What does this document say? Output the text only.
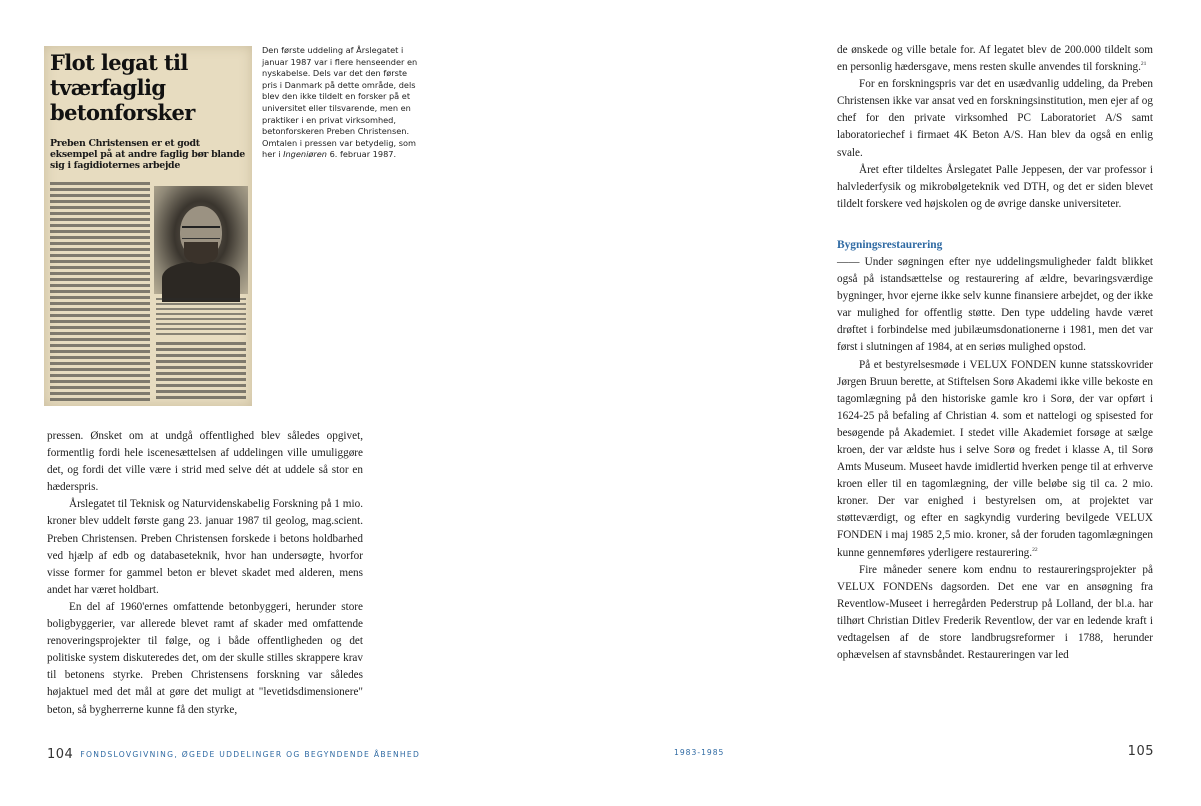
Flot legat til tværfaglig betonforsker
Preben Christensen er et godt eksempel på at andre faglig bør blande sig i fagidioternes arbejde
Den første uddeling af Årslegatet i januar 1987 var i flere henseender en nyskabelse. Dels var det den første pris i Danmark på dette område, dels blev den ikke tildelt en forsker på et universitet eller tilsvarende, men en praktiker i en privat virksomhed, betonforskeren Preben Christensen. Omtalen i pressen var betydelig, som her i Ingeniøren 6. februar 1987.

pressen. Ønsket om at undgå offentlighed blev således opgivet, formentlig fordi hele iscenesættelsen af uddelingen ville umuliggøre det, og fordi det ville være i strid med selve dét at uddele så stor en hæderspris.

Årslegatet til Teknisk og Naturvidenskabelig Forskning på 1 mio. kroner blev uddelt første gang 23. januar 1987 til geolog, mag.scient. Preben Christensen. Preben Christensen forskede i betons holdbarhed ved hjælp af edb og databaseteknik, hvor han undersøgte, hvorfor visse former for gammel beton er blevet skadet med alderen, mens andet har været holdbart.

En del af 1960'ernes omfattende betonbyggeri, herunder store boligbyggerier, var allerede blevet ramt af skader med omfattende renoveringsprojekter til følge, og i både offentligheden og det politiske system diskuteredes det, om der skulle stilles skrappere krav til betonens styrke. Preben Christensens forskning var således højaktuel med det mål at gøre det muligt at "levetidsdimensionere" beton, så bygherrerne kunne få den styrke,

de ønskede og ville betale for. Af legatet blev de 200.000 tildelt som en personlig hædersgave, mens resten skulle anvendes til forskning.$^{21}$

For en forskningspris var det en usædvanlig uddeling, da Preben Christensen ikke var ansat ved en forskningsinstitution, men ejer af og chef for den private virksomhed PC Laboratoriet A/S samt laboratoriechef i firmaet 4K Beton A/S. Han blev da også en enlig svale.

Året efter tildeltes Årslegatet Palle Jeppesen, der var professor i halvlederfysik og mikrobølgeteknik ved DTH, og det er siden blevet tildelt forskere ved højskolen og de øvrige danske universiteter.

Bygningsrestaurering

—— Under søgningen efter nye uddelingsmuligheder faldt blikket også på istandsættelse og restaurering af ældre, bevaringsværdige bygninger, hvor ejerne ikke selv kunne finansiere arbejdet, og der ikke var mulighed for offentlig støtte. Den type uddeling havde været drøftet i forbindelse med jubilæumsdonationerne i 1981, men det var først i slutningen af 1984, at en seriøs mulighed opstod.

På et bestyrelsesmøde i VELUX FONDEN kunne statsskovrider Jørgen Bruun berette, at Stiftelsen Sorø Akademi ikke ville bekoste en tagomlægning på den historiske gamle kro i Sorø, der var opført i 1624-25 på befaling af Christian 4. som et nattelogi og spisested for besøgende på Akademiet. I stedet ville Akademiet forsøge at sælge kroen, der var ældste hus i selve Sorø og fredet i klasse A, til Sorø Amts Museum. Museet havde imidlertid hverken penge til at erhverve kroen eller til en tagomlægning, der ville beløbe sig til ca. 2 mio. kroner. Der var enighed i bestyrelsen om, at projektet var støtteværdigt, og efter en sagkyndig vurdering bevilgede VELUX FONDEN i maj 1985 2,5 mio. kroner, så der foruden tagomlægningen kunne gennemføres yderligere restaurering.$^{22}$

Fire måneder senere kom endnu to restaureringsprojekter på VELUX FONDENs dagsorden. Det ene var en ansøgning fra Reventlow-Museet i herregården Pederstrup på Lolland, der bl.a. har tilhørt Christian Ditlev Frederik Reventlow, der var en ledende kraft i vedtagelsen af de store landbrugsreformer i 1788, herunder ophævelsen af stavnsbåndet. Restaureringen var led

104 FONDSLOVGIVNING, ØGEDE UDDELINGER OG BEGYNDENDE ÅBENHED	1983-1985	105
